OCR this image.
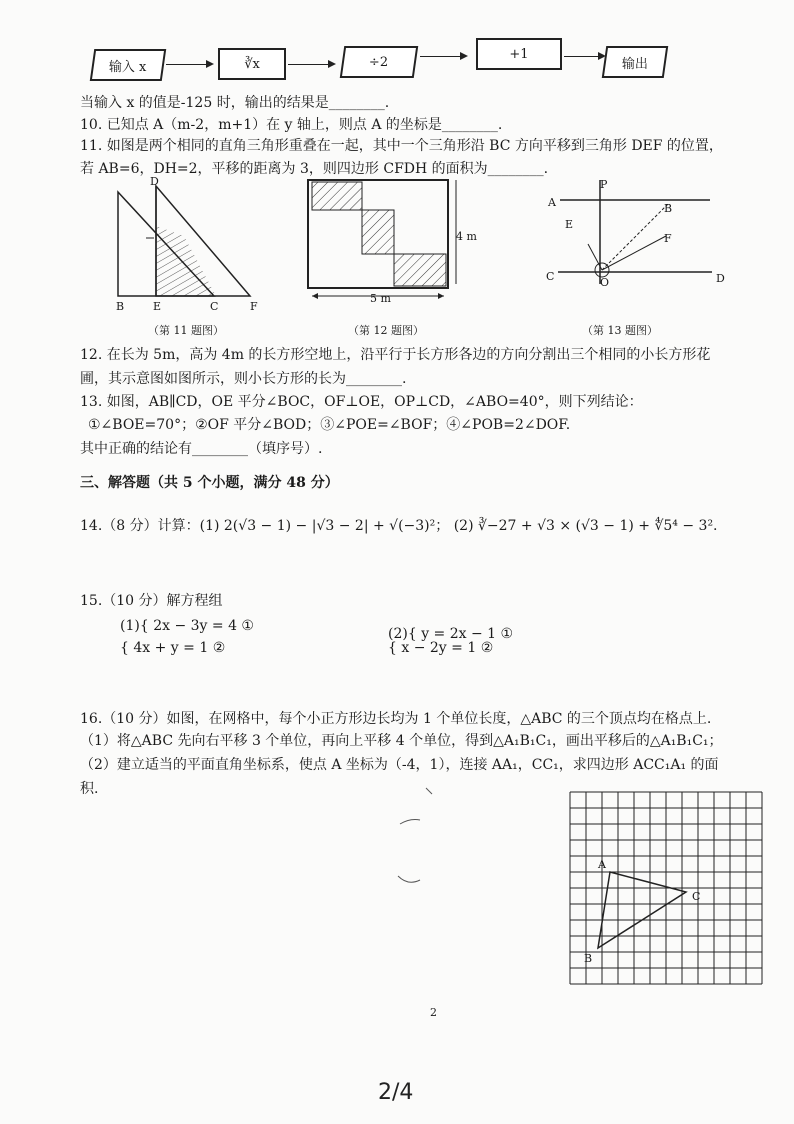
输入 x	∛x	÷2
+1
输出
当输入 x 的值是-125 时，输出的结果是________.
10. 已知点 A（m-2，m+1）在 y 轴上，则点 A 的坐标是________.
11. 如图是两个相同的直角三角形重叠在一起，其中一个三角形沿 BC 方向平移到三角形 DEF 的位置，
若 AB=6，DH=2，平移的距离为 3，则四边形 CFDH 的面积为________.
D
B	E	C	F
（第 11 题图）
4 m
5 m
（第 12 题图）
P
A	B
E
F
C	O	D
（第 13 题图）
12. 在长为 5m，高为 4m 的长方形空地上，沿平行于长方形各边的方向分割出三个相同的小长方形花
圃，其示意图如图所示，则小长方形的长为________.
13. 如图，AB∥CD，OE 平分∠BOC，OF⊥OE，OP⊥CD，∠ABO=40°，则下列结论：
①∠BOE=70°；②OF 平分∠BOD；③∠POE=∠BOF；④∠POB=2∠DOF.
其中正确的结论有________（填序号）.
三、解答题（共 5 个小题，满分 48 分）
14.（8 分）计算：(1) 2(√3 − 1) − |√3 − 2| + √(−3)²； (2) ∛−27 + √3 × (√3 − 1) + ∜5⁴ − 3².
15.（10 分）解方程组
(1){ 2x − 3y = 4 ①
{ 4x + y = 1 ②
(2){ y = 2x − 1 ①
{ x − 2y = 1 ②
16.（10 分）如图，在网格中，每个小正方形边长均为 1 个单位长度，△ABC 的三个顶点均在格点上.
（1）将△ABC 先向右平移 3 个单位，再向上平移 4 个单位，得到△A₁B₁C₁，画出平移后的△A₁B₁C₁；
（2）建立适当的平面直角坐标系，使点 A 坐标为（-4，1），连接 AA₁，CC₁，求四边形 ACC₁A₁ 的面
积.
A
C
B
2
2/4
